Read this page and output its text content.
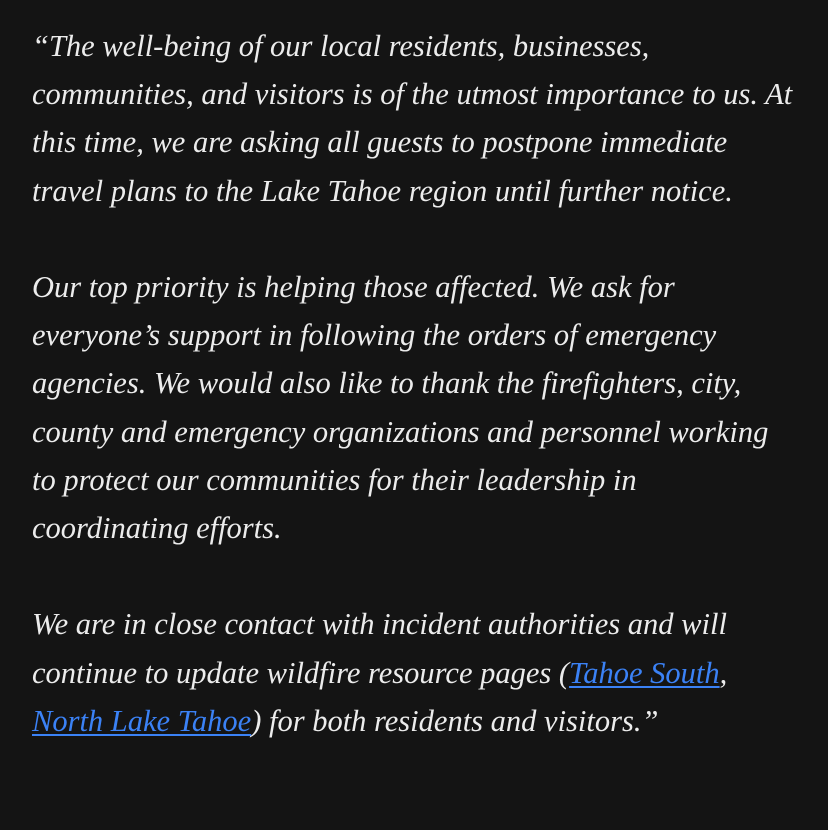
“The well-being of our local residents, businesses, communities, and visitors is of the utmost importance to us. At this time, we are asking all guests to postpone immediate travel plans to the Lake Tahoe region until further notice.

Our top priority is helping those affected. We ask for everyone’s support in following the orders of emergency agencies. We would also like to thank the firefighters, city, county and emergency organizations and personnel working to protect our communities for their leadership in coordinating efforts.

We are in close contact with incident authorities and will continue to update wildfire resource pages (Tahoe South, North Lake Tahoe) for both residents and visitors.”
